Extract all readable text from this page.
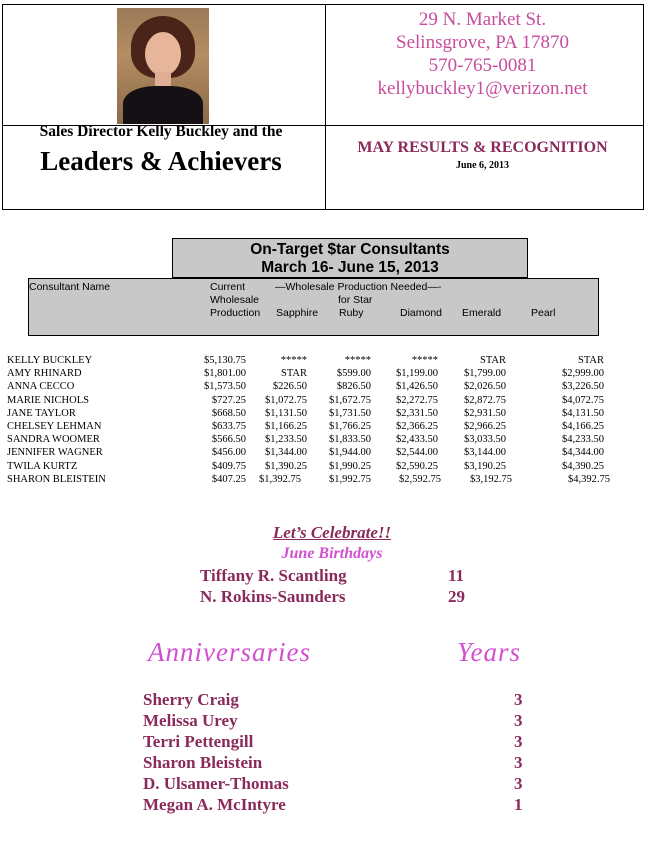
Sales Director Kelly Buckley and the
Leaders & Achievers
29 N. Market St.
Selinsgrove, PA 17870
570-765-0081
kellybuckley1@verizon.net
MAY RESULTS & RECOGNITION
June 6, 2013
On-Target $tar Consultants
March 16- June 15, 2013
Consultant Name	Current
Wholesale
Production
—Wholesale Production Needed—-
for Star
Sapphire Ruby	Diamond Emerald	Pearl
KELLY BUCKLEY	$5,130.75	*****	*****	*****	STAR	STAR
AMY RHINARD	$1,801.00	STAR	$599.00 $1,199.00 $1,799.00	$2,999.00
ANNA CECCO	$1,573.50	$226.50	$826.50 $1,426.50 $2,026.50	$3,226.50
MARIE NICHOLS	$727.25 $1,072.75 $1,672.75 $2,272.75 $2,872.75	$4,072.75
JANE TAYLOR	$668.50 $1,131.50 $1,731.50 $2,331.50 $2,931.50	$4,131.50
CHELSEY LEHMAN	$633.75 $1,166.25 $1,766.25 $2,366.25 $2,966.25	$4,166.25
SANDRA WOOMER	$566.50 $1,233.50 $1,833.50 $2,433.50 $3,033.50	$4,233.50
JENNIFER WAGNER	$456.00 $1,344.00 $1,944.00 $2,544.00 $3,144.00	$4,344.00
TWILA KURTZ	$409.75 $1,390.25 $1,990.25 $2,590.25 $3,190.25	$4,390.25
SHARON BLEISTEIN	$407.25 $1,392.75	$1,992.75	$2,592.75	$3,192.75	$4,392.75
Let’s Celebrate!!
June Birthdays
Tiffany R. Scantling	11
N. Rokins-Saunders	29
Anniversaries	Years
Sherry Craig	3
Melissa Urey	3
Terri Pettengill	3
Sharon Bleistein	3
D. Ulsamer-Thomas	3
Megan A. McIntyre	1
